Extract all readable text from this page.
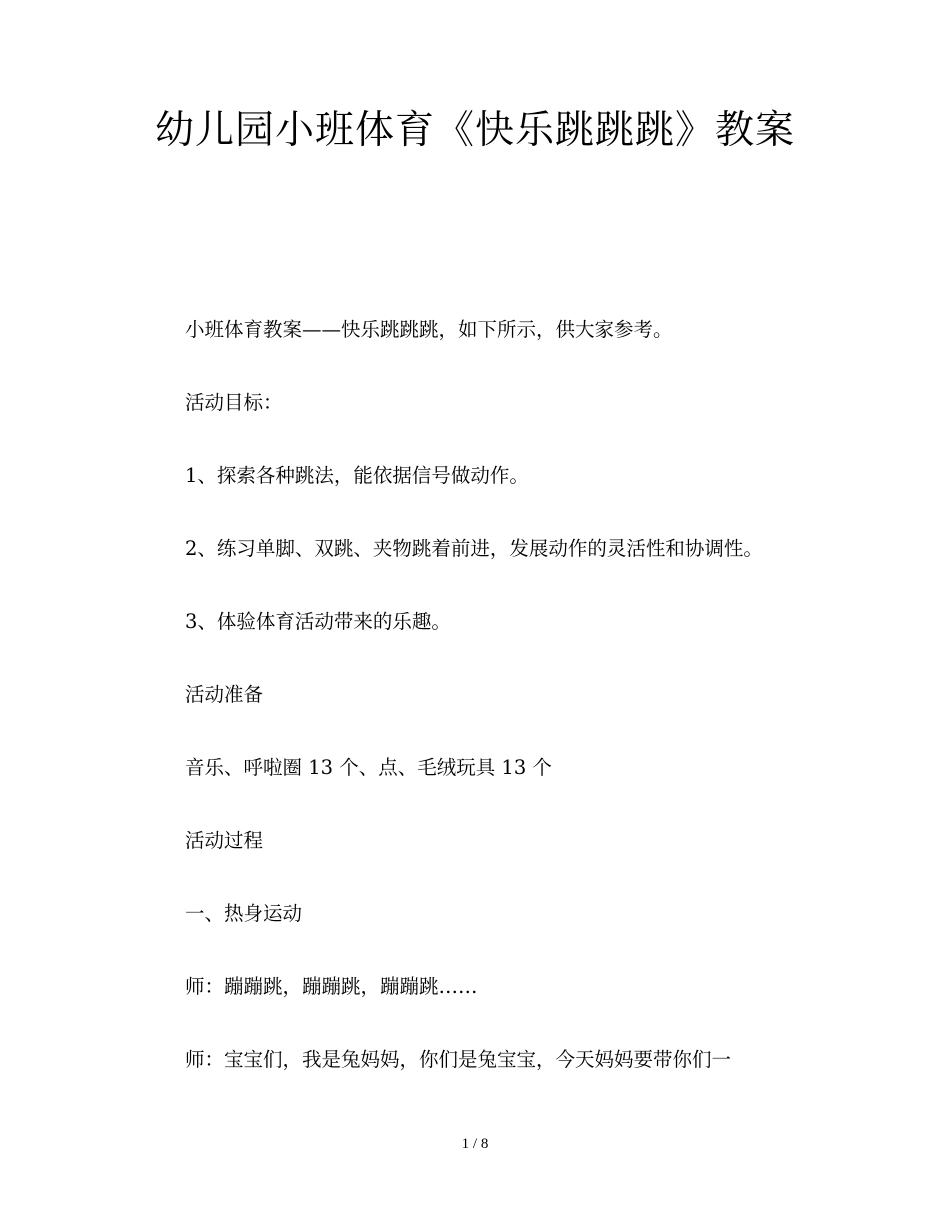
幼儿园小班体育《快乐跳跳跳》教案

小班体育教案——快乐跳跳跳，如下所示，供大家参考。

活动目标：

1、探索各种跳法，能依据信号做动作。

2、练习单脚、双跳、夹物跳着前进，发展动作的灵活性和协调性。

3、体验体育活动带来的乐趣。

活动准备

音乐、呼啦圈 13 个、点、毛绒玩具 13 个

活动过程

一、热身运动

师：蹦蹦跳，蹦蹦跳，蹦蹦跳……

师：宝宝们，我是兔妈妈，你们是兔宝宝，今天妈妈要带你们一

1 / 8
